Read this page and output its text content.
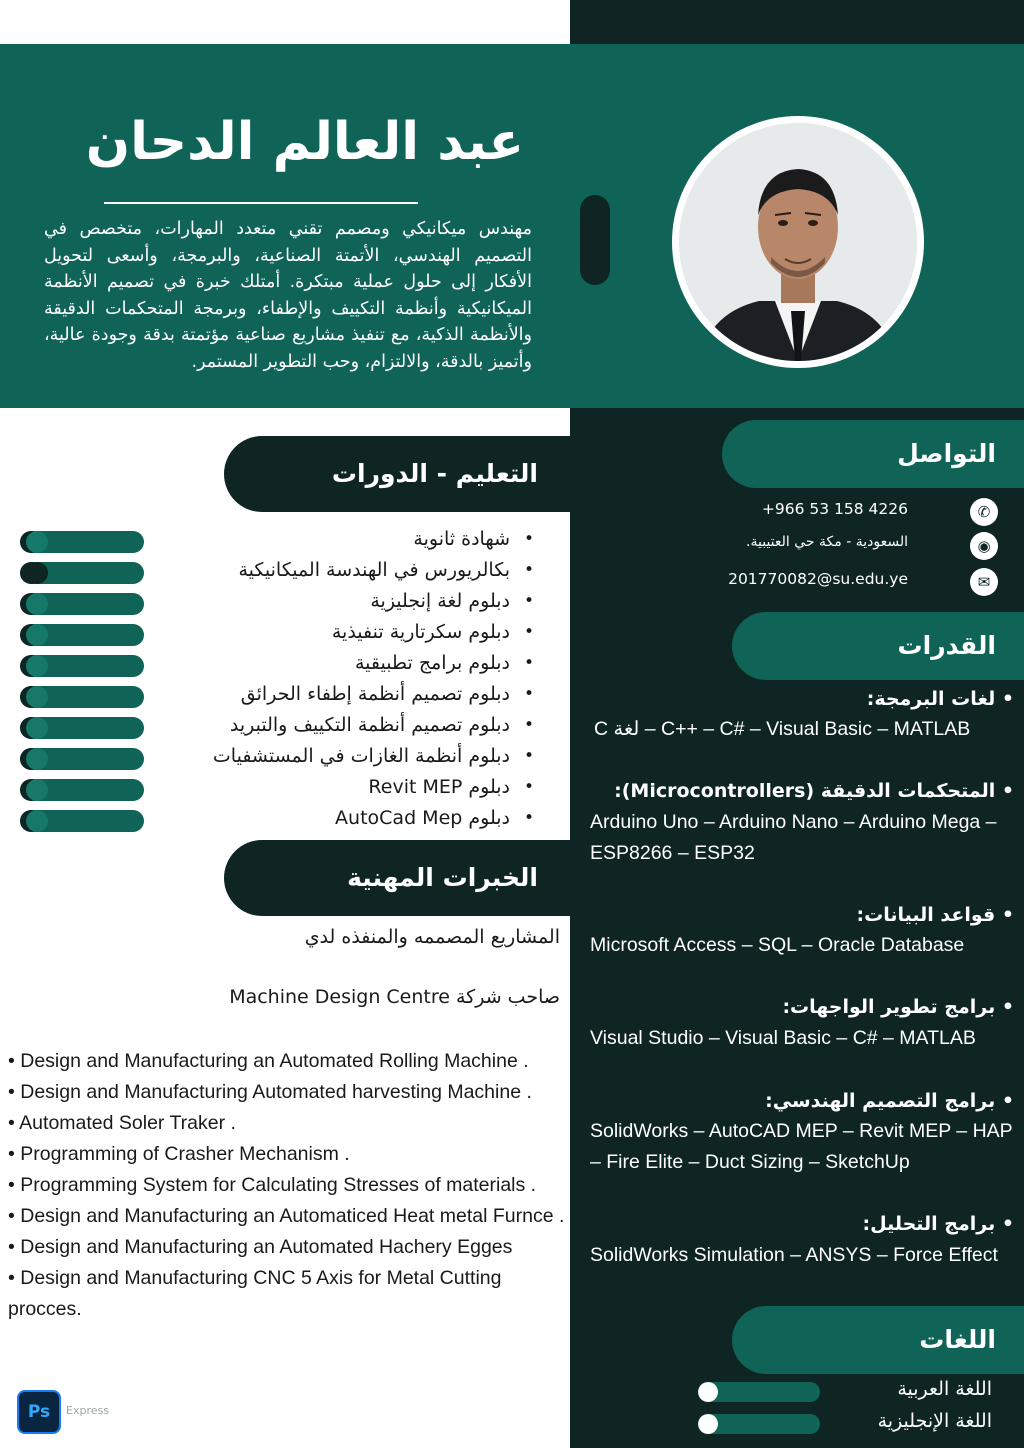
عبد العالم الدحان

مهندس ميكانيكي ومصمم تقني متعدد المهارات، متخصص في التصميم الهندسي، الأتمتة الصناعية، والبرمجة، وأسعى لتحويل الأفكار إلى حلول عملية مبتكرة. أمتلك خبرة في تصميم الأنظمة الميكانيكية وأنظمة التكييف والإطفاء، وبرمجة المتحكمات الدقيقة والأنظمة الذكية، مع تنفيذ مشاريع صناعية مؤتمتة بدقة وجودة عالية، وأتميز بالدقة، والالتزام، وحب التطوير المستمر.

التعليم - الدورات
• شهادة ثانوية
• بكالريورس في الهندسة الميكانيكية
• دبلوم لغة إنجليزية
• دبلوم سكرتارية تنفيذية
• دبلوم برامج تطبيقية
• دبلوم تصميم أنظمة إطفاء الحرائق
• دبلوم تصميم أنظمة التكييف والتبريد
• دبلوم أنظمة الغازات في المستشفيات
• دبلوم Revit MEP
• دبلوم AutoCad Mep
الخبرات المهنية
المشاريع المصممه والمنفذه لدي
صاحب شركة Machine Design Centre
• Design and Manufacturing an Automated Rolling Machine .
• Design and Manufacturing Automated harvesting Machine .
• Automated Soler Traker .
• Programming of Crasher Mechanism .
• Programming System for Calculating Stresses of materials .
• Design and Manufacturing an Automaticed Heat metal Furnce .
• Design and Manufacturing an Automated Hachery Egges
• Design and Manufacturing CNC 5 Axis for Metal Cutting procces.
التواصل
+966 53 158 4226	✆
السعودية - مكة حي العتيبية.	◉
201770082@su.edu.ye	✉
القدرات
• لغات البرمجة:
C لغة – C++ – C# – Visual Basic – MATLAB
• المتحكمات الدقيقة (Microcontrollers):
Arduino Uno – Arduino Nano – Arduino Mega – ESP8266 – ESP32
• قواعد البيانات:
Microsoft Access – SQL – Oracle Database
• برامج تطوير الواجهات:
Visual Studio – Visual Basic – C# – MATLAB
• برامج التصميم الهندسي:
SolidWorks – AutoCAD MEP – Revit MEP – HAP – Fire Elite – Duct Sizing – SketchUp
• برامج التحليل:
SolidWorks Simulation – ANSYS – Force Effect
اللغات
اللغة العربية
اللغة الإنجليزية
Ps	Express
